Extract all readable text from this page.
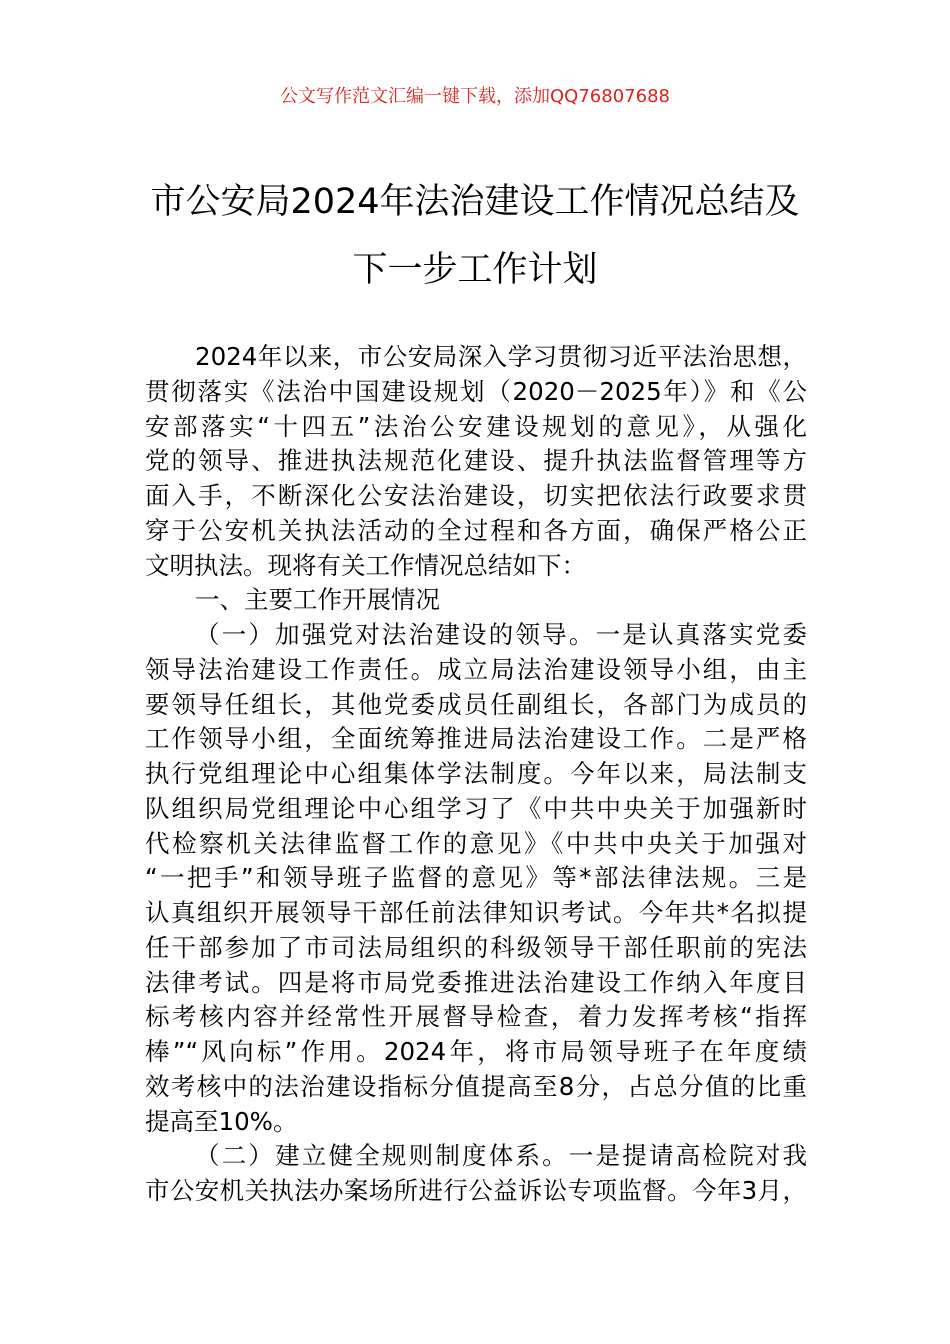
公文写作范文汇编一键下载，添加QQ76807688
市公安局2024年法治建设工作情况总结及
下一步工作计划
2024年以来，市公安局深入学习贯彻习近平法治思想，
贯彻落实《法治中国建设规划（2020－2025年）》和《公
安部落实“十四五”法治公安建设规划的意见》，从强化
党的领导、推进执法规范化建设、提升执法监督管理等方
面入手，不断深化公安法治建设，切实把依法行政要求贯
穿于公安机关执法活动的全过程和各方面，确保严格公正
文明执法。现将有关工作情况总结如下：
一、主要工作开展情况
（一）加强党对法治建设的领导。一是认真落实党委
领导法治建设工作责任。成立局法治建设领导小组，由主
要领导任组长，其他党委成员任副组长，各部门为成员的
工作领导小组，全面统筹推进局法治建设工作。二是严格
执行党组理论中心组集体学法制度。今年以来，局法制支
队组织局党组理论中心组学习了《中共中央关于加强新时
代检察机关法律监督工作的意见》《中共中央关于加强对
“一把手”和领导班子监督的意见》等*部法律法规。三是
认真组织开展领导干部任前法律知识考试。今年共*名拟提
任干部参加了市司法局组织的科级领导干部任职前的宪法
法律考试。四是将市局党委推进法治建设工作纳入年度目
标考核内容并经常性开展督导检查，着力发挥考核“指挥
棒”“风向标”作用。2024年，将市局领导班子在年度绩
效考核中的法治建设指标分值提高至8分，占总分值的比重
提高至10%。
（二）建立健全规则制度体系。一是提请高检院对我
市公安机关执法办案场所进行公益诉讼专项监督。今年3月，
